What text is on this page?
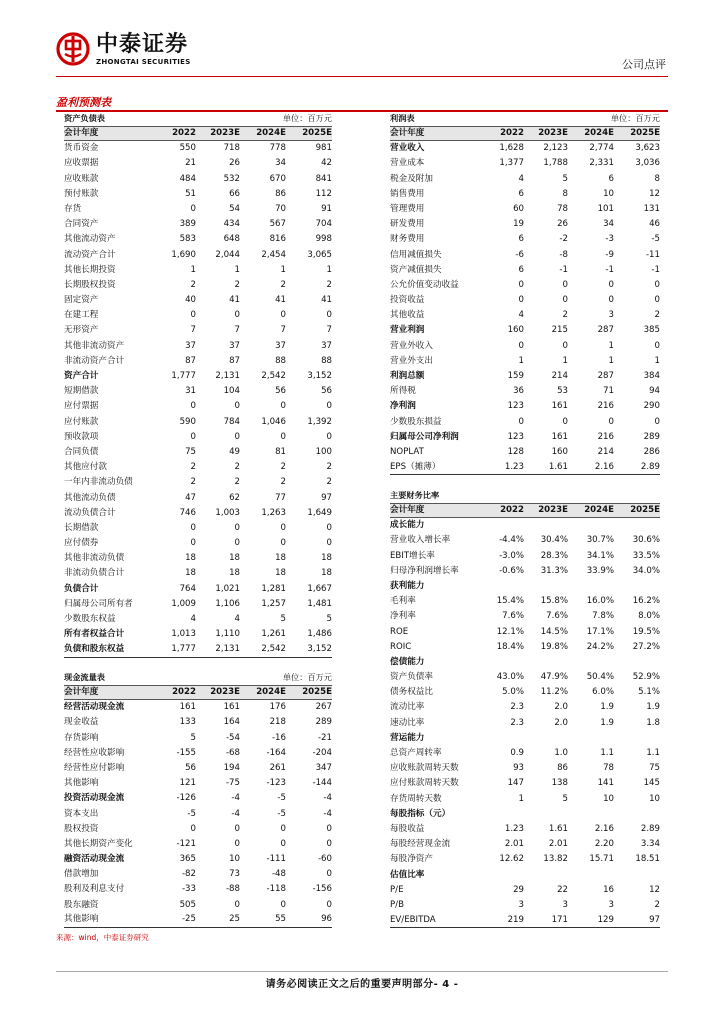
中泰证券
ZHONGTAI SECURITIES	公司点评
盈利预测表
资产负债表	单位：百万元
会计年度	2022	2023E	2024E	2025E
货币资金	550	718	778	981
应收票据	21	26	34	42
应收账款	484	532	670	841
预付账款	51	66	86	112
存货	0	54	70	91
合同资产	389	434	567	704
其他流动资产	583	648	816	998
流动资产合计	1,690	2,044	2,454	3,065
其他长期投资	1	1	1	1
长期股权投资	2	2	2	2
固定资产	40	41	41	41
在建工程	0	0	0	0
无形资产	7	7	7	7
其他非流动资产	37	37	37	37
非流动资产合计	87	87	88	88
资产合计	1,777	2,131	2,542	3,152
短期借款	31	104	56	56
应付票据	0	0	0	0
应付账款	590	784	1,046	1,392
预收款项	0	0	0	0
合同负债	75	49	81	100
其他应付款	2	2	2	2
一年内非流动负债	2	2	2	2
其他流动负债	47	62	77	97
流动负债合计	746	1,003	1,263	1,649
长期借款	0	0	0	0
应付债券	0	0	0	0
其他非流动负债	18	18	18	18
非流动负债合计	18	18	18	18
负债合计	764	1,021	1,281	1,667
归属母公司所有者	1,009	1,106	1,257	1,481
少数股东权益	4	4	5	5
所有者权益合计	1,013	1,110	1,261	1,486
负债和股东权益	1,777	2,131	2,542	3,152
现金流量表	单位：百万元
会计年度	2022	2023E	2024E	2025E
经营活动现金流	161	161	176	267
现金收益	133	164	218	289
存货影响	5	-54	-16	-21
经营性应收影响	-155	-68	-164	-204
经营性应付影响	56	194	261	347
其他影响	121	-75	-123	-144
投资活动现金流	-126	-4	-5	-4
资本支出	-5	-4	-5	-4
股权投资	0	0	0	0
其他长期资产变化	-121	0	0	0
融资活动现金流	365	10	-111	-60
借款增加	-82	73	-48	0
股利及利息支付	-33	-88	-118	-156
股东融资	505	0	0	0
其他影响	-25	25	55	96
利润表	单位：百万元
会计年度	2022	2023E	2024E	2025E
营业收入	1,628	2,123	2,774	3,623
营业成本	1,377	1,788	2,331	3,036
税金及附加	4	5	6	8
销售费用	6	8	10	12
管理费用	60	78	101	131
研发费用	19	26	34	46
财务费用	6	-2	-3	-5
信用减值损失	-6	-8	-9	-11
资产减值损失	6	-1	-1	-1
公允价值变动收益	0	0	0	0
投资收益	0	0	0	0
其他收益	4	2	3	2
营业利润	160	215	287	385
营业外收入	0	0	1	0
营业外支出	1	1	1	1
利润总额	159	214	287	384
所得税	36	53	71	94
净利润	123	161	216	290
少数股东损益	0	0	0	0
归属母公司净利润	123	161	216	289
NOPLAT	128	160	214	286
EPS（摊薄）	1.23	1.61	2.16	2.89
主要财务比率
会计年度	2022	2023E	2024E	2025E
成长能力
营业收入增长率	-4.4%	30.4%	30.7%	30.6%
EBIT增长率	-3.0%	28.3%	34.1%	33.5%
归母净利润增长率	-0.6%	31.3%	33.9%	34.0%
获利能力
毛利率	15.4%	15.8%	16.0%	16.2%
净利率	7.6%	7.6%	7.8%	8.0%
ROE	12.1%	14.5%	17.1%	19.5%
ROIC	18.4%	19.8%	24.2%	27.2%
偿债能力
资产负债率	43.0%	47.9%	50.4%	52.9%
债务权益比	5.0%	11.2%	6.0%	5.1%
流动比率	2.3	2.0	1.9	1.9
速动比率	2.3	2.0	1.9	1.8
营运能力
总资产周转率	0.9	1.0	1.1	1.1
应收账款周转天数	93	86	78	75
应付账款周转天数	147	138	141	145
存货周转天数	1	5	10	10
每股指标（元）
每股收益	1.23	1.61	2.16	2.89
每股经营现金流	2.01	2.01	2.20	3.34
每股净资产	12.62	13.82	15.71	18.51
估值比率
P/E	29	22	16	12
P/B	3	3	3	2
EV/EBITDA	219	171	129	97
来源：wind，中泰证券研究
请务必阅读正文之后的重要声明部分- 4 -
